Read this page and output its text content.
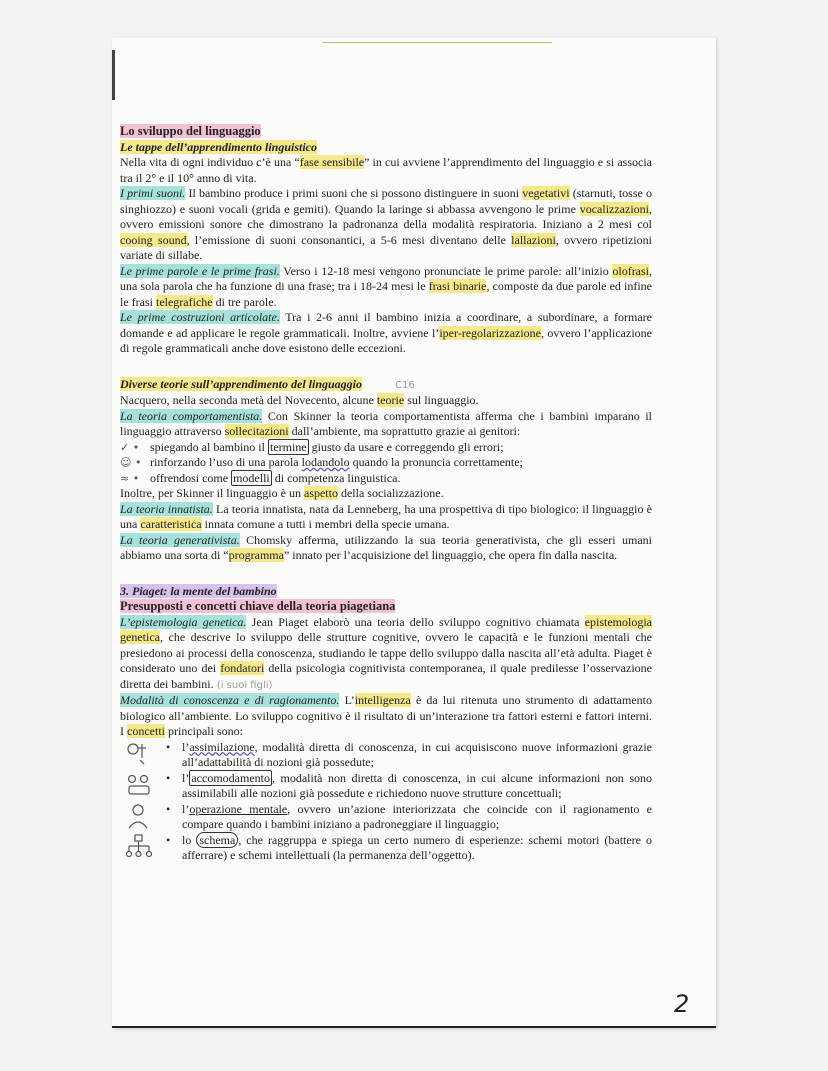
Lo sviluppo del linguaggio

Le tappe dell’apprendimento linguistico

Nella vita di ogni individuo c’è una “fase sensibile” in cui avviene l’apprendimento del linguaggio e si associa tra il 2° e il 10° anno di vita.

I primi suoni. Il bambino produce i primi suoni che si possono distinguere in suoni vegetativi (starnuti, tosse o singhiozzo) e suoni vocali (grida e gemiti). Quando la laringe si abbassa avvengono le prime vocalizzazioni, ovvero emissioni sonore che dimostrano la padronanza della modalità respiratoria. Iniziano a 2 mesi col cooing sound, l’emissione di suoni consonantici, a 5-6 mesi diventano delle lallazioni, ovvero ripetizioni variate di sillabe.

Le prime parole e le prime frasi. Verso i 12-18 mesi vengono pronunciate le prime parole: all’inizio olofrasi, una sola parola che ha funzione di una frase; tra i 18-24 mesi le frasi binarie, composte da due parole ed infine le frasi telegrafiche di tre parole.

Le prime costruzioni articolate. Tra i 2-6 anni il bambino inizia a coordinare, a subordinare, a formare domande e ad applicare le regole grammaticali. Inoltre, avviene l’iper-regolarizzazione, ovvero l’applicazione di regole grammaticali anche dove esistono delle eccezioni.

Diverse teorie sull’apprendimento del linguaggio	C16

Nacquero, nella seconda metà del Novecento, alcune teorie sul linguaggio.

La teoria comportamentista. Con Skinner la teoria comportamentista afferma che i bambini imparano il linguaggio attraverso sollecitazioni dall’ambiente, ma soprattutto grazie ai genitori:

✓ • spiegando al bambino il termine giusto da usare e correggendo gli errori;

☺ • rinforzando l’uso di una parola lodandolo quando la pronuncia correttamente;

≈ • offrendosi come modelli di competenza linguistica.

Inoltre, per Skinner il linguaggio è un aspetto della socializzazione.

La teoria innatista. La teoria innatista, nata da Lenneberg, ha una prospettiva di tipo biologico: il linguaggio è una caratteristica innata comune a tutti i membri della specie umana.

La teoria generativista. Chomsky afferma, utilizzando la sua teoria generativista, che gli esseri umani abbiamo una sorta di “programma” innato per l’acquisizione del linguaggio, che opera fin dalla nascita.

3. Piaget: la mente del bambino

Presupposti e concetti chiave della teoria piagetiana

L’epistemologia genetica. Jean Piaget elaborò una teoria dello sviluppo cognitivo chiamata epistemologia genetica, che descrive lo sviluppo delle strutture cognitive, ovvero le capacità e le funzioni mentali che presiedono ai processi della conoscenza, studiando le tappe dello sviluppo dalla nascita all’età adulta. Piaget è considerato uno dei fondatori della psicologia cognitivista contemporanea, il quale predilesse l’osservazione diretta dei bambini. (i suoi figli)

Modalità di conoscenza e di ragionamento. L’intelligenza è da lui ritenuta uno strumento di adattamento biologico all’ambiente. Lo sviluppo cognitivo è il risultato di un’interazione tra fattori esterni e fattori interni. I concetti principali sono:

• l’assimilazione, modalità diretta di conoscenza, in cui acquisiscono nuove informazioni grazie all’adattabilità di nozioni già possedute;

• l’ accomodamento , modalità non diretta di conoscenza, in cui alcune informazioni non sono assimilabili alle nozioni già possedute e richiedono nuove strutture concettuali;

• l’operazione mentale, ovvero un’azione interiorizzata che coincide con il ragionamento e compare quando i bambini iniziano a padroneggiare il linguaggio;

• lo schema , che raggruppa e spiega un certo numero di esperienze: schemi motori (battere o afferrare) e schemi intellettuali (la permanenza dell’oggetto).

2
